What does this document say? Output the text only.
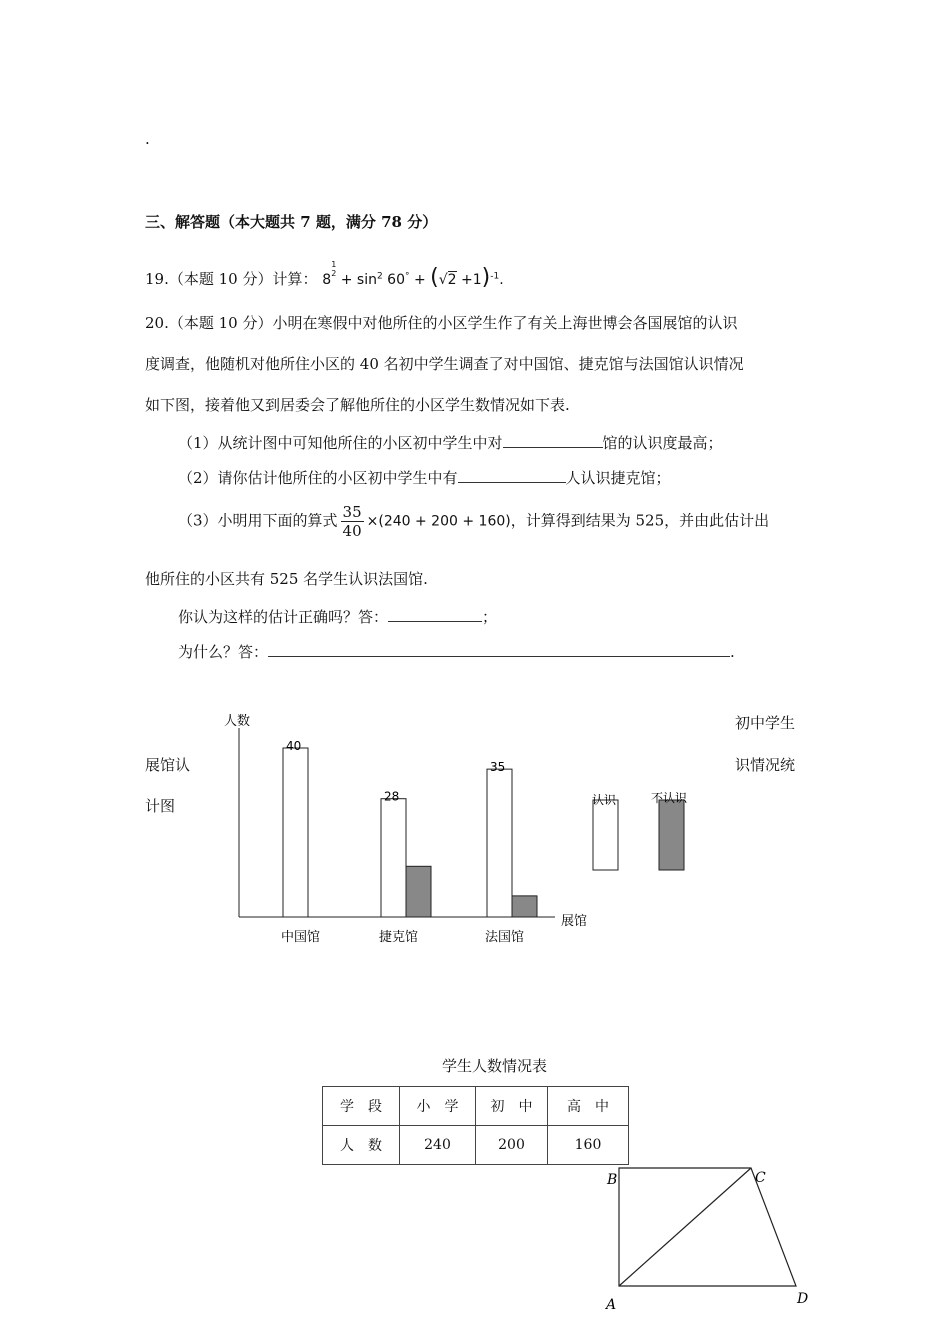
.
三、解答题（本大题共 7 题，满分 78 分）
19.（本题 10 分）计算： 8
1
$2 + \sin^2 60^\circ + (√2 +1)^{-1}$.
20.（本题 10 分）小明在寒假中对他所住的小区学生作了有关上海世博会各国展馆的认识
度调查，他随机对他所住小区的 40 名初中学生调查了对中国馆、捷克馆与法国馆认识情况
如下图，接着他又到居委会了解他所住的小区学生数情况如下表.
（1）从统计图中可知他所住的小区初中学生中对	馆的认识度最高；
（2）请你估计他所住的小区初中学生中有	人认识捷克馆；
（3）小明用下面的算式 $\frac{35}{40} \times(240 + 200 + 160)$，计算得到结果为 525，并由此估计出
他所住的小区共有 525 名学生认识法国馆.
你认为这样的估计正确吗？答：	；
为什么？答：	.
初中学生
识情况统
展馆认
计图
人数
展馆
40
28
35
中国馆	捷克馆	法国馆
认识	不认识
学生人数情况表
学　段	小　学	初　中	高　中
人　数	240	200	160
B	C
A	D
